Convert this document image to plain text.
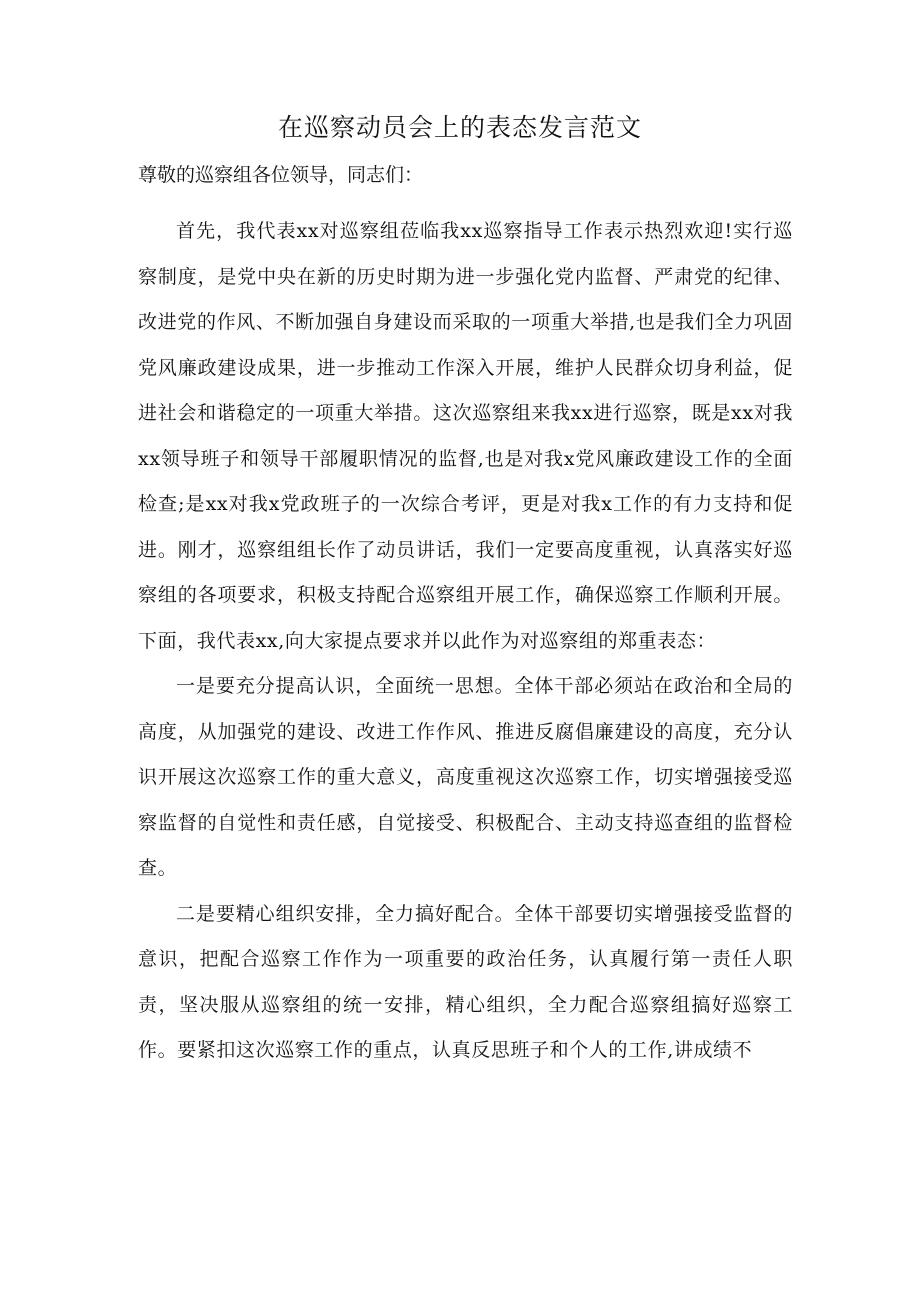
在巡察动员会上的表态发言范文

尊敬的巡察组各位领导，同志们：

首先，我代表xx对巡察组莅临我xx巡察指导工作表示热烈欢迎!实行巡察制度，是党中央在新的历史时期为进一步强化党内监督、严肃党的纪律、改进党的作风、不断加强自身建设而采取的一项重大举措,也是我们全力巩固党风廉政建设成果，进一步推动工作深入开展，维护人民群众切身利益，促进社会和谐稳定的一项重大举措。这次巡察组来我xx进行巡察，既是xx对我xx领导班子和领导干部履职情况的监督,也是对我x党风廉政建设工作的全面检查;是xx对我x党政班子的一次综合考评，更是对我x工作的有力支持和促进。刚才，巡察组组长作了动员讲话，我们一定要高度重视，认真落实好巡察组的各项要求，积极支持配合巡察组开展工作，确保巡察工作顺利开展。下面，我代表xx,向大家提点要求并以此作为对巡察组的郑重表态：

一是要充分提高认识，全面统一思想。全体干部必须站在政治和全局的高度，从加强党的建设、改进工作作风、推进反腐倡廉建设的高度，充分认识开展这次巡察工作的重大意义，高度重视这次巡察工作，切实增强接受巡察监督的自觉性和责任感，自觉接受、积极配合、主动支持巡查组的监督检查。

二是要精心组织安排，全力搞好配合。全体干部要切实增强接受监督的意识，把配合巡察工作作为一项重要的政治任务，认真履行第一责任人职责，坚决服从巡察组的统一安排，精心组织，全力配合巡察组搞好巡察工作。要紧扣这次巡察工作的重点，认真反思班子和个人的工作,讲成绩不
